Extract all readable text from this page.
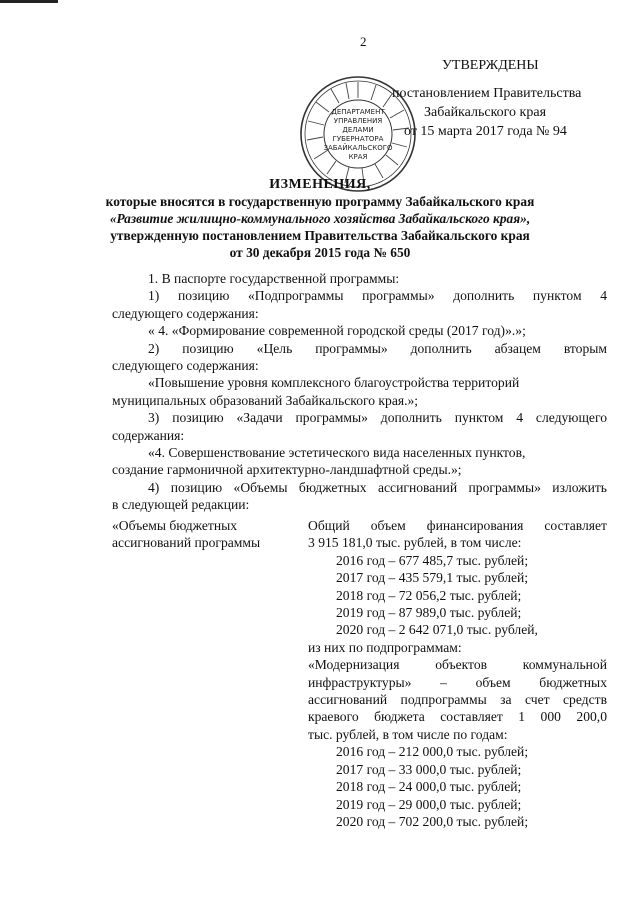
2
УТВЕРЖДЕНЫ
ДЕПАРТАМЕНТ
УПРАВЛЕНИЯ
ДЕЛАМИ
ГУБЕРНАТОРА
ЗАБАЙКАЛЬСКОГО
КРАЯ
постановлением Правительства
Забайкальского края
от 15 марта 2017 года № 94
ИЗМЕНЕНИЯ,
которые вносятся в государственную программу Забайкальского края
«Развитие жилищно-коммунального хозяйства Забайкальского края»,
утвержденную постановлением Правительства Забайкальского края
от 30 декабря 2015 года № 650

1. В паспорте государственной программы:

1) позицию «Подпрограммы программы» дополнить пунктом 4

следующего содержания:

« 4. «Формирование современной городской среды (2017 год)».»;

2) позицию «Цель программы» дополнить абзацем вторым

следующего содержания:

«Повышение уровня комплексного благоустройства территорий

муниципальных образований Забайкальского края.»;

3) позицию «Задачи программы» дополнить пунктом 4 следующего

содержания:

«4. Совершенствование эстетического вида населенных пунктов,

создание гармоничной архитектурно-ландшафтной среды.»;

4) позицию «Объемы бюджетных ассигнований программы» изложить

в следующей редакции:

«Объемы бюджетных
ассигнований программы

Общий объем финансирования составляет

3 915 181,0 тыс. рублей, в том числе:

2016 год – 677 485,7 тыс. рублей;

2017 год – 435 579,1 тыс. рублей;

2018 год – 72 056,2 тыс. рублей;

2019 год – 87 989,0 тыс. рублей;

2020 год – 2 642 071,0 тыс. рублей,

из них по подпрограммам:

«Модернизация объектов коммунальной

инфраструктуры» – объем бюджетных

ассигнований подпрограммы за счет средств

краевого бюджета составляет 1 000 200,0

тыс. рублей, в том числе по годам:

2016 год – 212 000,0 тыс. рублей;

2017 год – 33 000,0 тыс. рублей;

2018 год – 24 000,0 тыс. рублей;

2019 год – 29 000,0 тыс. рублей;

2020 год – 702 200,0 тыс. рублей;
